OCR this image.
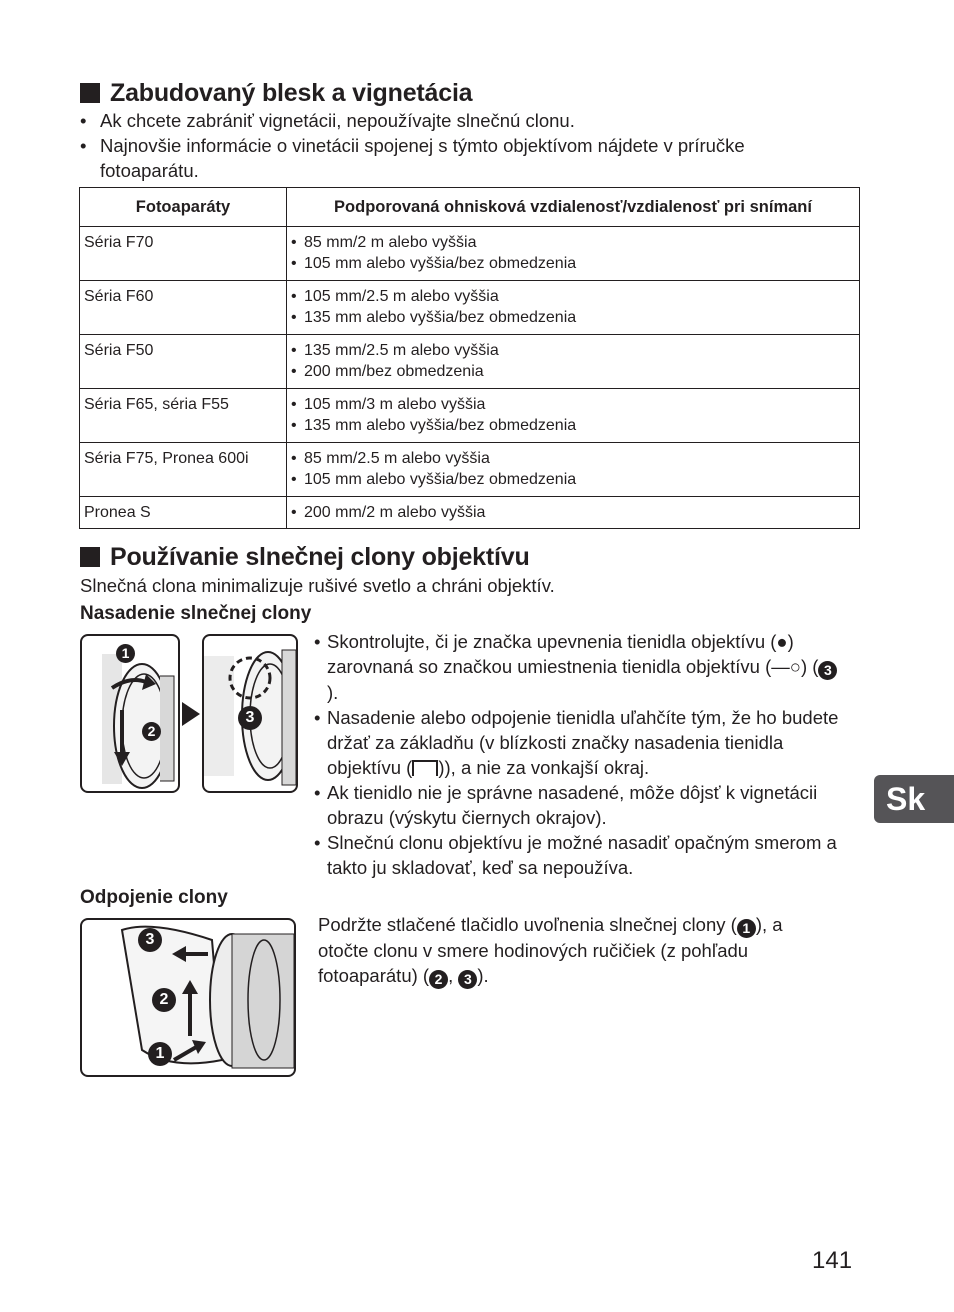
Zabudovaný blesk a vignetácia
• Ak chcete zabrániť vignetácii, nepoužívajte slnečnú clonu.
• Najnovšie informácie o vinetácii spojenej s týmto objektívom nájdete v príručke fotoaparátu.
Fotoaparáty	Podporovaná ohnisková vzdialenosť/vzdialenosť pri snímaní
Séria F70	• 85 mm/2 m alebo vyššia
• 105 mm alebo vyššia/bez obmedzenia

Séria F60	• 105 mm/2.5 m alebo vyššia
• 135 mm alebo vyššia/bez obmedzenia

Séria F50	• 135 mm/2.5 m alebo vyššia
• 200 mm/bez obmedzenia

Séria F65, séria F55	• 105 mm/3 m alebo vyššia
• 135 mm alebo vyššia/bez obmedzenia

Séria F75, Pronea 600i	• 85 mm/2.5 m alebo vyššia
• 105 mm alebo vyššia/bez obmedzenia

Pronea S	• 200 mm/2 m alebo vyššia
Používanie slnečnej clony objektívu
Slnečná clona minimalizuje rušivé svetlo a chráni objektív.
Nasadenie slnečnej clony
1
2
3
• Skontrolujte, či je značka upevnenia tienidla objektívu (●) zarovnaná so značkou umiestnenia tienidla objektívu (—○) ( 3).
• Nasadenie alebo odpojenie tienidla uľahčíte tým, že ho budete držať za základňu (v blízkosti značky nasadenia tienidla objektívu ( )), a nie za vonkajší okraj.
• Ak tienidlo nie je správne nasadené, môže dôjsť k vignetácii obrazu (výskytu čiernych okrajov).
• Slnečnú clonu objektívu je možné nasadiť opačným smerom a takto ju skladovať, keď sa nepoužíva.
Odpojenie clony
3
2
1
Podržte stlačené tlačidlo uvoľnenia slnečnej clony ( 1 ), a otočte clonu v smere hodinových ručičiek (z pohľadu fotoaparátu) ( 2 , 3 ).
Sk
141
